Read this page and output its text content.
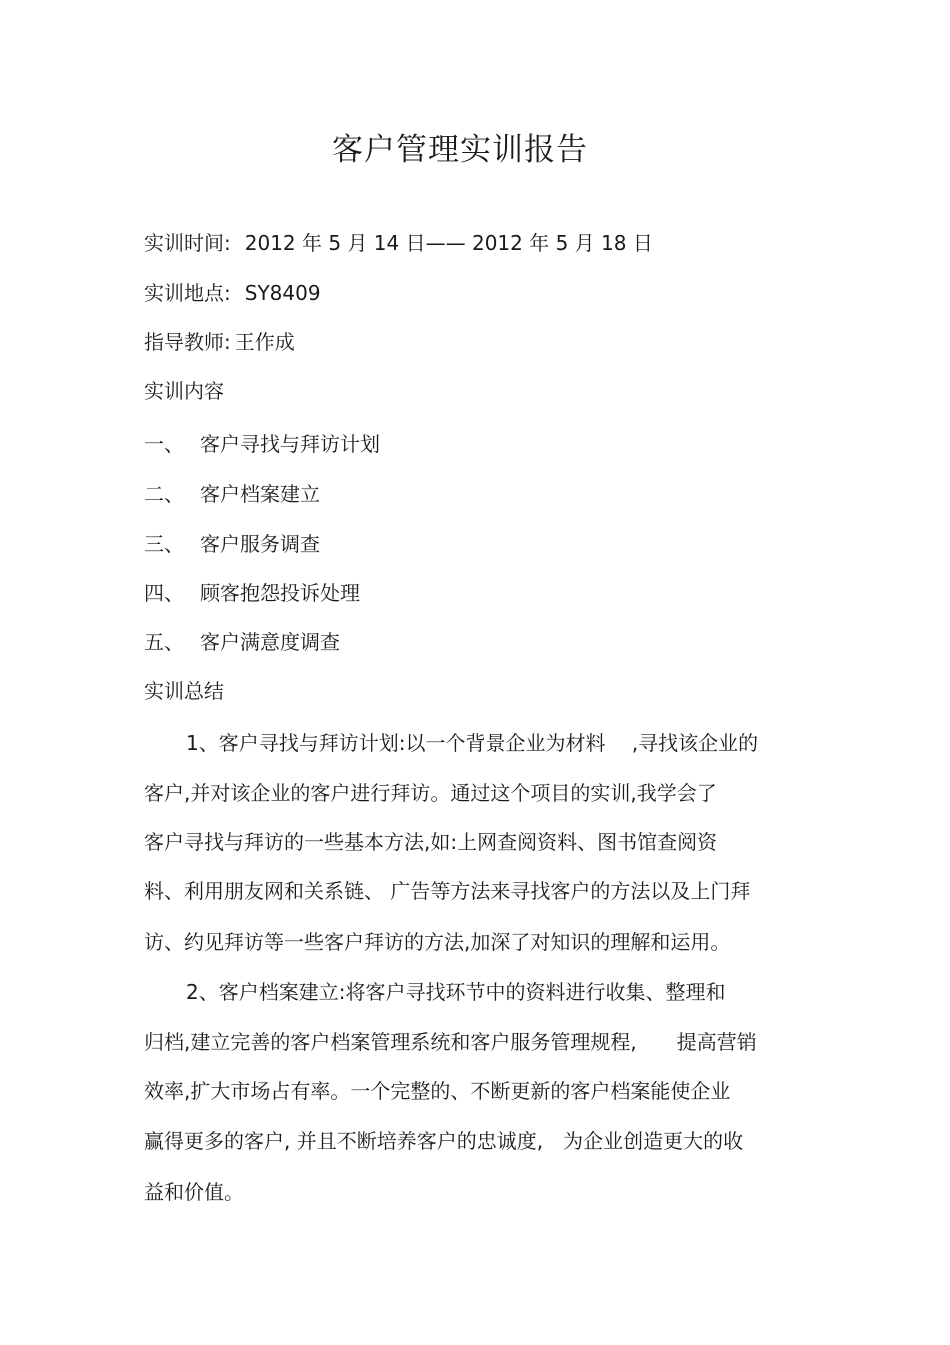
客户管理实训报告
实训时间: 2012 年 5 月 14 日—— 2012 年 5 月 18 日
实训地点: SY8409
指导教师: 王作成
实训内容
一、 客户寻找与拜访计划
二、 客户档案建立
三、 客户服务调查
四、 顾客抱怨投诉处理
五、 客户满意度调查
实训总结
1、客户寻找与拜访计划:以一个背景企业为材料　 ,寻找该企业的
客户,并对该企业的客户进行拜访。通过这个项目的实训,我学会了
客户寻找与拜访的一些基本方法,如:上网查阅资料、图书馆查阅资
料、利用朋友网和关系链、 广告等方法来寻找客户的方法以及上门拜
访、约见拜访等一些客户拜访的方法,加深了对知识的理解和运用。
2、客户档案建立:将客户寻找环节中的资料进行收集、整理和
归档,建立完善的客户档案管理系统和客户服务管理规程,　　提高营销
效率,扩大市场占有率。一个完整的、不断更新的客户档案能使企业
赢得更多的客户, 并且不断培养客户的忠诚度,　为企业创造更大的收
益和价值。
